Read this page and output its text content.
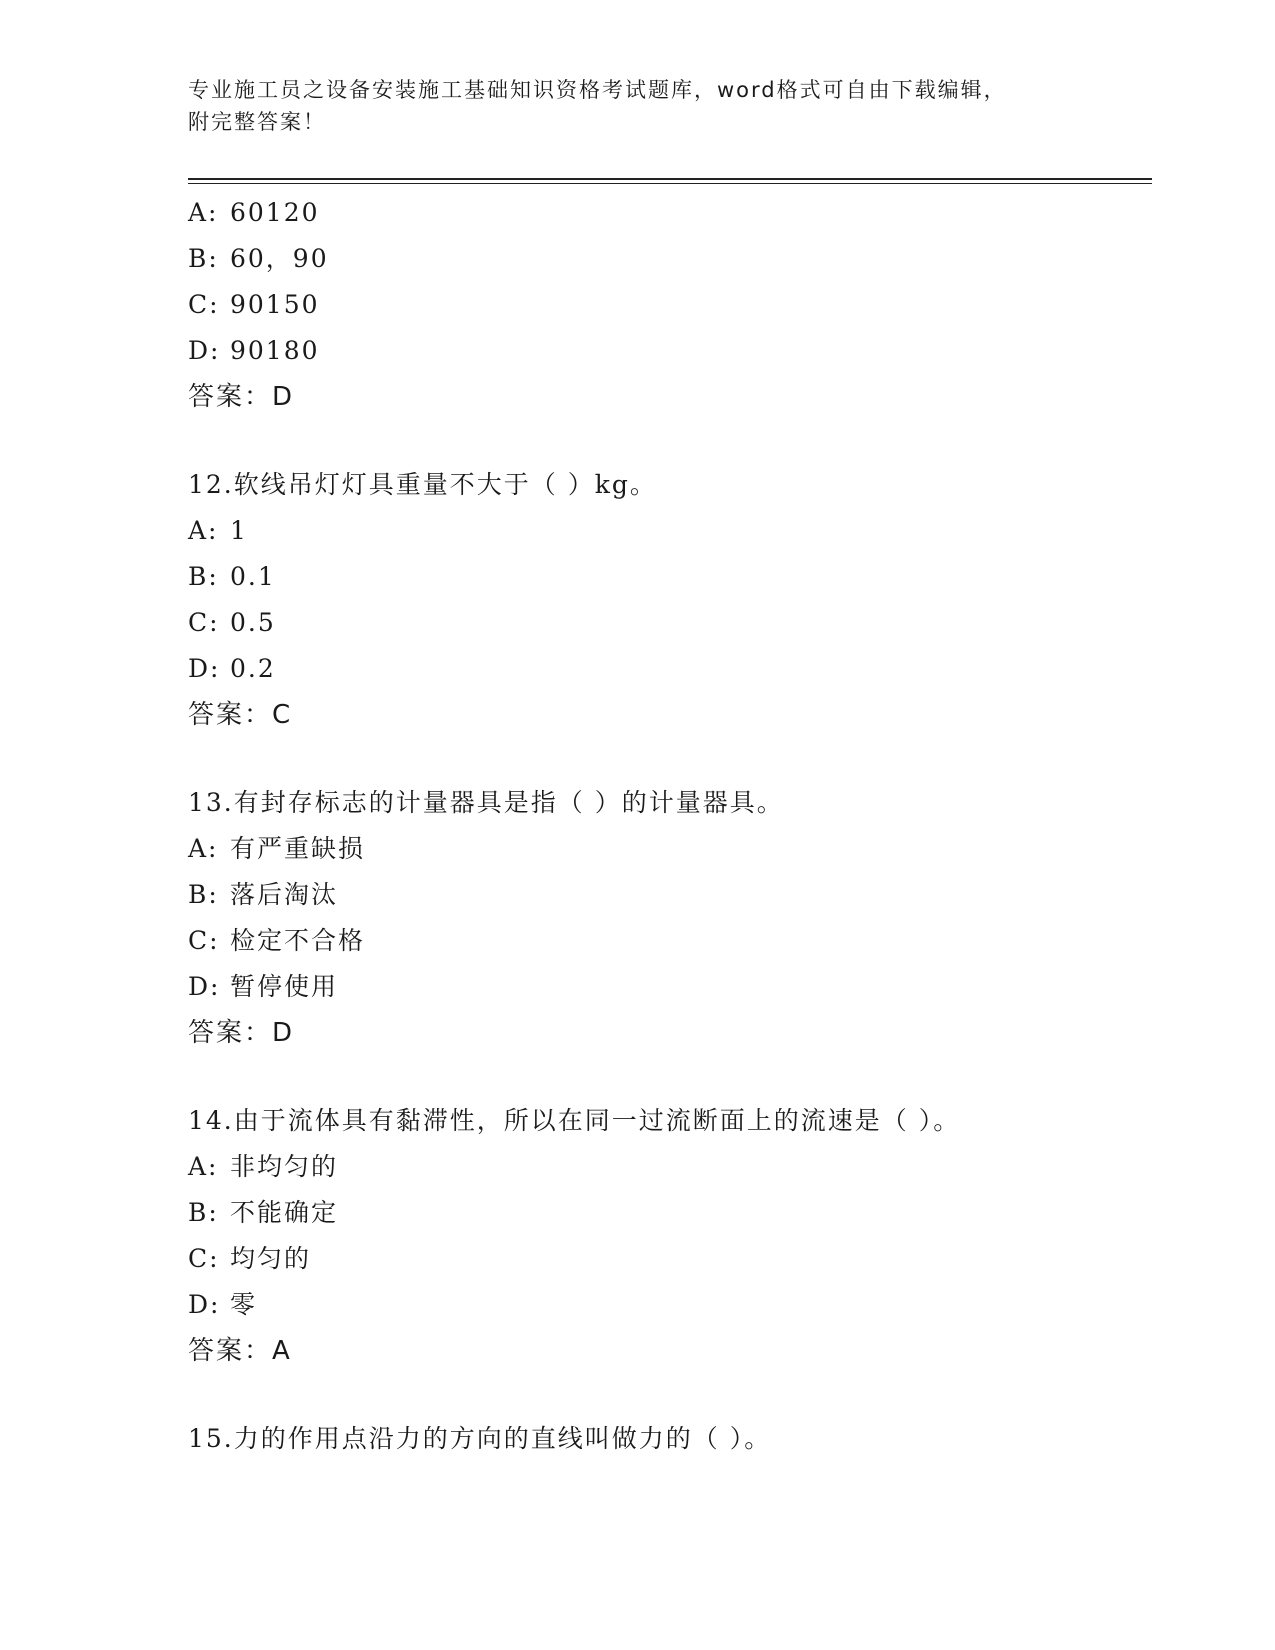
专业施工员之设备安装施工基础知识资格考试题库，word格式可自由下载编辑，
附完整答案！
A: 60120
B: 60，90
C: 90150
D: 90180
答案：D
12.软线吊灯灯具重量不大于（ ）kg。
A: 1
B: 0.1
C: 0.5
D: 0.2
答案：C
13.有封存标志的计量器具是指（ ）的计量器具。
A: 有严重缺损
B: 落后淘汰
C: 检定不合格
D: 暂停使用
答案：D
14.由于流体具有黏滞性，所以在同一过流断面上的流速是（ ）。
A: 非均匀的
B: 不能确定
C: 均匀的
D: 零
答案：A
15.力的作用点沿力的方向的直线叫做力的（ ）。
